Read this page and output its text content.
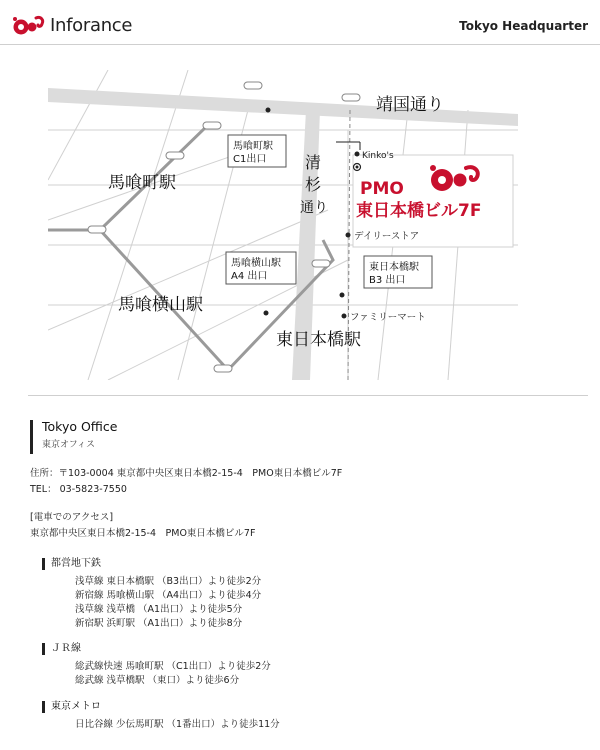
Inforance	Tokyo Headquarter
靖国通り
清
杉
通り
馬喰町駅
馬喰横山駅
東日本橋駅
馬喰町駅
C1出口
馬喰横山駅
A4 出口
東日本橋駅
B3 出口
Kinko's
デイリーストア
ファミリーマート
PMO
東日本橋ビル7F
Tokyo Office
東京オフィス
住所：〒103-0004 東京都中央区東日本橋2-15-4　PMO東日本橋ビル7F
TEL： 03-5823-7550
[電車でのアクセス]
東京都中央区東日本橋2-15-4　PMO東日本橋ビル7F
都営地下鉄
浅草線 東日本橋駅 （B3出口）より徒歩2分
新宿線 馬喰横山駅 （A4出口）より徒歩4分
浅草線 浅草橋 （A1出口）より徒歩5分
新宿駅 浜町駅 （A1出口）より徒歩8分
ＪＲ線
総武線快速 馬喰町駅 （C1出口）より徒歩2分
総武線 浅草橋駅 （東口）より徒歩6分
東京メトロ
日比谷線 少伝馬町駅 （1番出口）より徒歩11分
